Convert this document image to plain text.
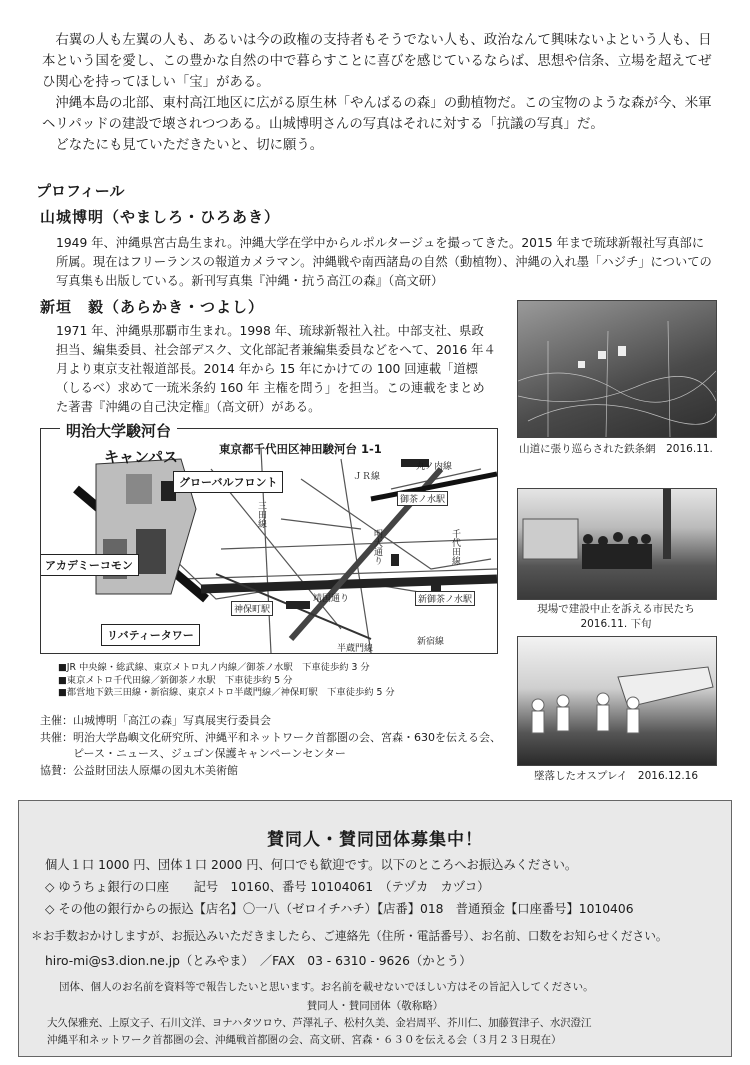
右翼の人も左翼の人も、あるいは今の政権の支持者もそうでない人も、政治なんて興味ないよという人も、日本という国を愛し、この豊かな自然の中で暮らすことに喜びを感じているならば、思想や信条、立場を超えてぜひ関心を持ってほしい「宝」がある。

沖縄本島の北部、東村高江地区に広がる原生林「やんばるの森」の動植物だ。この宝物のような森が今、米軍ヘリパッドの建設で壊されつつある。山城博明さんの写真はそれに対する「抗議の写真」だ。

どなたにも見ていただきたいと、切に願う。

プロフィール
山城博明（やましろ・ひろあき）
1949 年、沖縄県宮古島生まれ。沖縄大学在学中からルポルタージュを撮ってきた。2015 年まで琉球新報社写真部に所属。現在はフリーランスの報道カメラマン。沖縄戦や南西諸島の自然（動植物）、沖縄の入れ墨「ハジチ」についての写真集も出版している。新刊写真集『沖縄・抗う高江の森』（高文研）
新垣　毅（あらかき・つよし）
1971 年、沖縄県那覇市生まれ。1998 年、琉球新報社入社。中部支社、県政担当、編集委員、社会部デスク、文化部記者兼編集委員などをへて、2016 年４月より東京支社報道部長。2014 年から 15 年にかけての 100 回連載「道標（しるべ）求めて一琉米条約 160 年 主権を問う」を担当。この連載をまとめた著書『沖縄の自己決定権』（高文研）がある。
キャンパス	東京都千代田区神田駿河台 1-1
グローバルフロント
アカデミーコモン
リバティータワー
ＪＲ線
丸ノ内線
御茶ノ水駅
三田線
千代田線
新御茶ノ水駅
神保町駅
靖国通り
明大通り
新宿線
半蔵門線
明治大学駿河台
■JR 中央線・総武線、東京メトロ丸ノ内線／御茶ノ水駅　下車徒歩約 3 分
■東京メトロ千代田線／新御茶ノ水駅　下車徒歩約 5 分
■都営地下鉄三田線・新宿線、東京メトロ半蔵門線／神保町駅　下車徒歩約 5 分
主催：山城博明「高江の森」写真展実行委員会
共催：明治大学島嶼文化研究所、沖縄平和ネットワーク首都圏の会、宮森・630を伝える会、
ピース・ニュース、ジュゴン保護キャンペーンセンター
協賛：公益財団法人原爆の図丸木美術館
山道に張り巡らされた鉄条網　2016.11.
現場で建設中止を訴える市民たち
2016.11. 下旬
墜落したオスプレイ　2016.12.16
賛同人・賛同団体募集中！
個人１口 1000 円、団体１口 2000 円、何口でも歓迎です。以下のところへお振込みください。
◇ ゆうちょ銀行の口座　　記号　10160、番号 10104061　（テヅカ　カヅコ）
◇ その他の銀行からの振込【店名】〇一八（ゼロイチハチ）【店番】018　普通預金【口座番号】1010406
＊お手数おかけしますが、お振込みいただきましたら、ご連絡先（住所・電話番号）、お名前、口数をお知らせください。
hiro-mi@s3.dion.ne.jp（とみやま）　／FAX　03 - 6310 - 9626（かとう）
団体、個人のお名前を資料等で報告したいと思います。お名前を載せないでほしい方はその旨記入してください。
賛同人・賛同団体（敬称略）
大久保雅充、上原文子、石川文洋、ヨナハタツロウ、芦澤礼子、松村久美、金岩周平、芥川仁、加藤賀津子、水沢澄江
沖縄平和ネットワーク首都圏の会、沖縄戦首都圏の会、高文研、宮森・６３０を伝える会（３月２３日現在）
